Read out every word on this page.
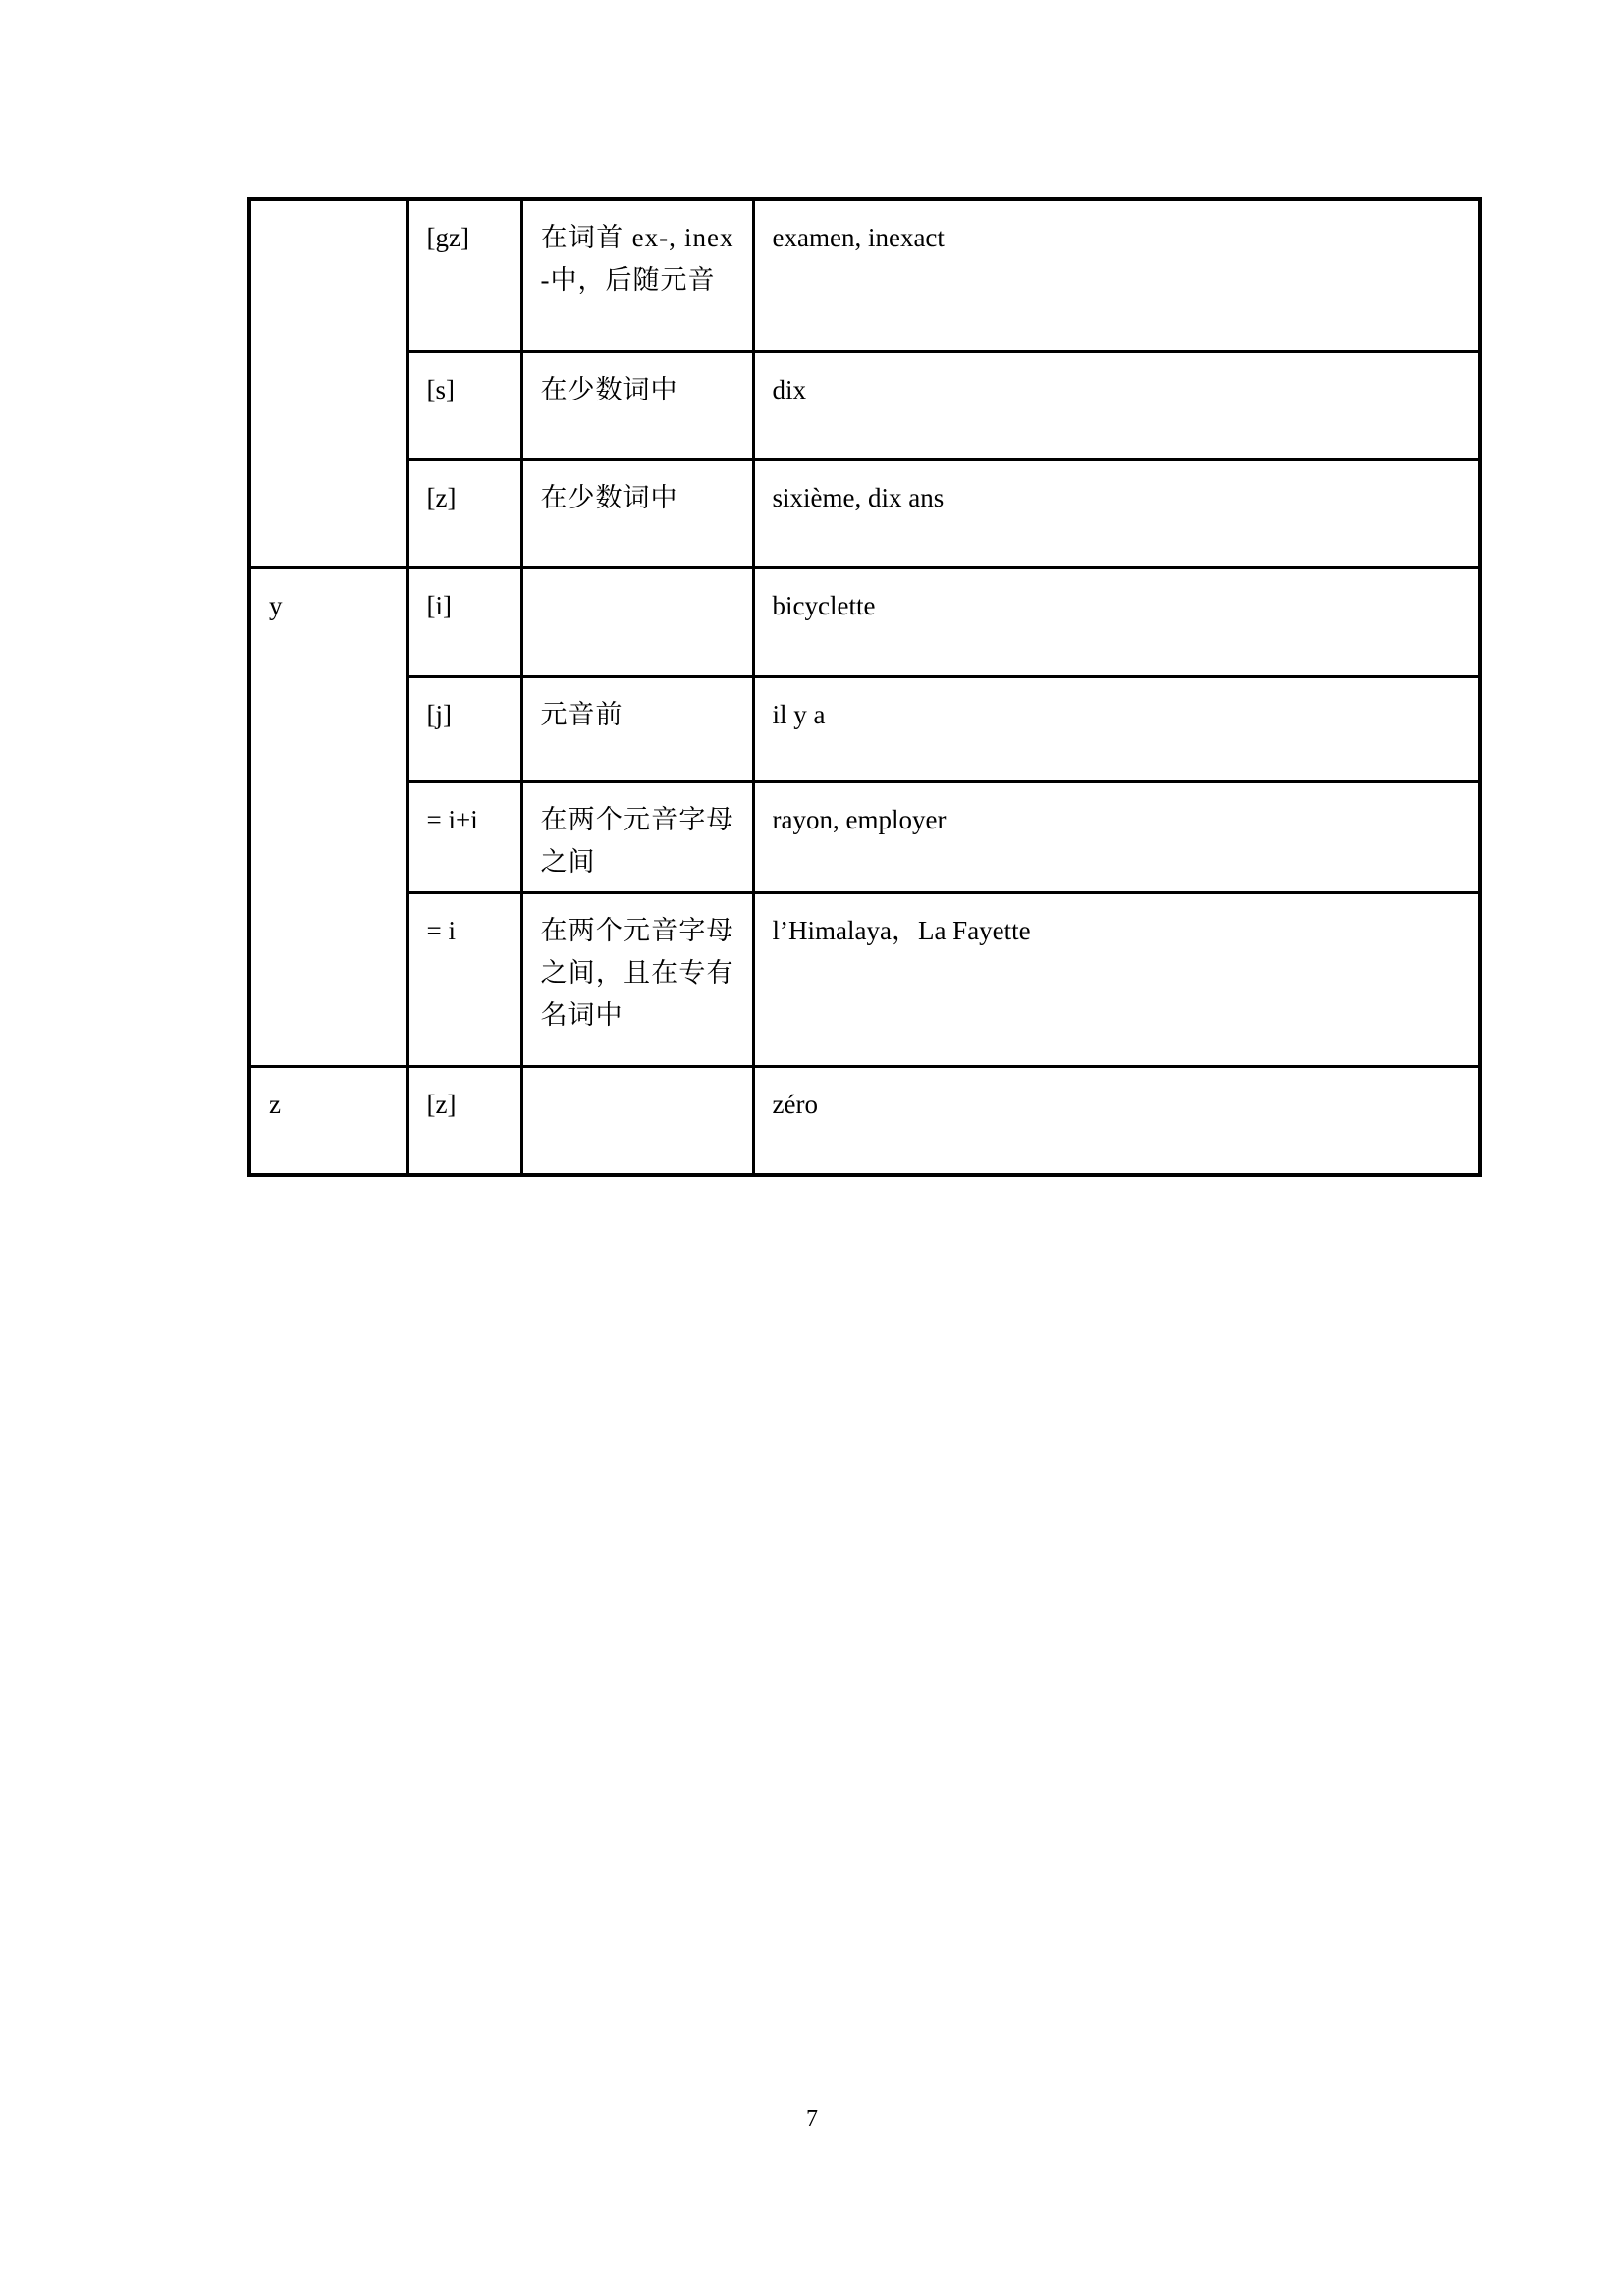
	[gz]	在词首 ex-, inex-中，后随元音	examen, inexact
	[s]	在少数词中	dix
	[z]	在少数词中	sixième, dix ans
y	[i]		bicyclette
	[j]	元音前	il y a
	= i+i	在两个元音字母之间	rayon, employer
	= i	在两个元音字母之间，且在专有名词中	l’Himalaya，La Fayette
z	[z]		zéro
7
